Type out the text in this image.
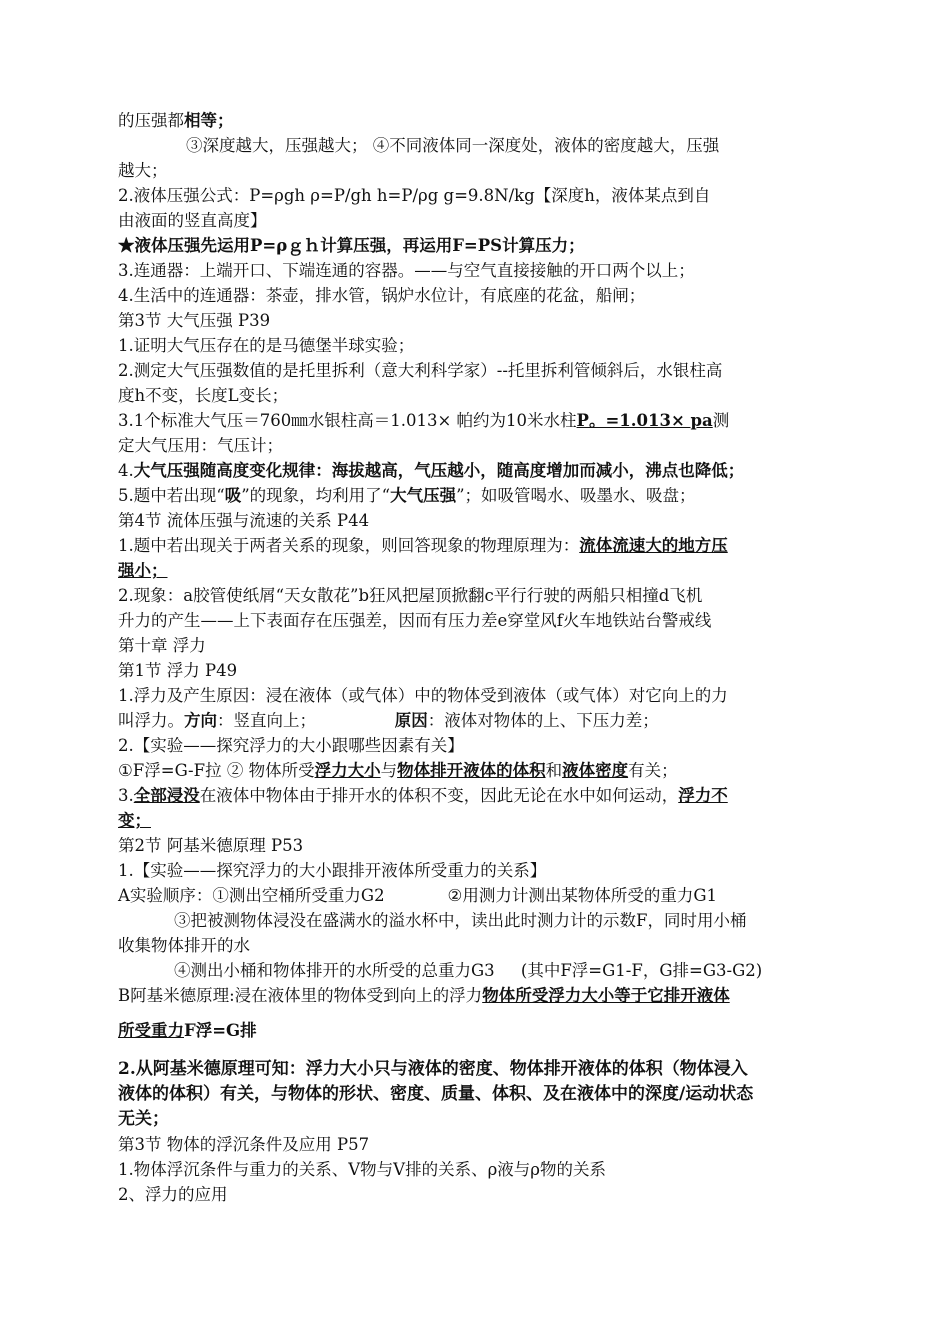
的压强都相等；

③深度越大，压强越大； ④不同液体同一深度处，液体的密度越大，压强

越大；

2.液体压强公式：P=ρgh ρ=P/gh h=P/ρg g=9.8N/kg【深度h，液体某点到自

由液面的竖直高度】

★液体压强先运用P=ρｇｈ计算压强，再运用F=PS计算压力；

3.连通器：上端开口、下端连通的容器。——与空气直接接触的开口两个以上；

4.生活中的连通器：茶壶，排水管，锅炉水位计，有底座的花盆，船闸；

第3节 大气压强 P39

1.证明大气压存在的是马德堡半球实验；

2.测定大气压强数值的是托里拆利（意大利科学家）--托里拆利管倾斜后，水银柱高

度h不变，长度L变长；

3.1个标准大气压＝760㎜水银柱高＝1.013× 帕约为10米水柱P。=1.013× pa测

定大气压用：气压计；

4.大气压强随高度变化规律：海拔越高，气压越小，随高度增加而减小，沸点也降低；

5.题中若出现“吸”的现象，均利用了“大气压强”；如吸管喝水、吸墨水、吸盘；

第4节 流体压强与流速的关系 P44

1.题中若出现关于两者关系的现象，则回答现象的物理原理为：流体流速大的地方压

强小；

2.现象：a胶管使纸屑“天女散花”b狂风把屋顶掀翻c平行行驶的两船只相撞d飞机

升力的产生——上下表面存在压强差，因而有压力差e穿堂风f火车地铁站台警戒线

第十章 浮力

第1节 浮力 P49

1.浮力及产生原因：浸在液体（或气体）中的物体受到液体（或气体）对它向上的力

叫浮力。方向：竖直向上；               原因：液体对物体的上、下压力差；

2.【实验——探究浮力的大小跟哪些因素有关】

①F浮=G-F拉 ② 物体所受浮力大小与物体排开液体的体积和液体密度有关；

3.全部浸没在液体中物体由于排开水的体积不变，因此无论在水中如何运动，浮力不

变；

第2节 阿基米德原理 P53

1.【实验——探究浮力的大小跟排开液体所受重力的关系】

A实验顺序：①测出空桶所受重力G2            ②用测力计测出某物体所受的重力G1

③把被测物体浸没在盛满水的溢水杯中，读出此时测力计的示数F，同时用小桶

收集物体排开的水

④测出小桶和物体排开的水所受的总重力G3     (其中F浮=G1-F，G排=G3-G2)

B阿基米德原理:浸在液体里的物体受到向上的浮力物体所受浮力大小等于它排开液体

所受重力F浮=G排

2.从阿基米德原理可知：浮力大小只与液体的密度、物体排开液体的体积（物体浸入

液体的体积）有关，与物体的形状、密度、质量、体积、及在液体中的深度/运动状态

无关；

第3节 物体的浮沉条件及应用 P57

1.物体浮沉条件与重力的关系、V物与V排的关系、ρ液与ρ物的关系

2、浮力的应用
